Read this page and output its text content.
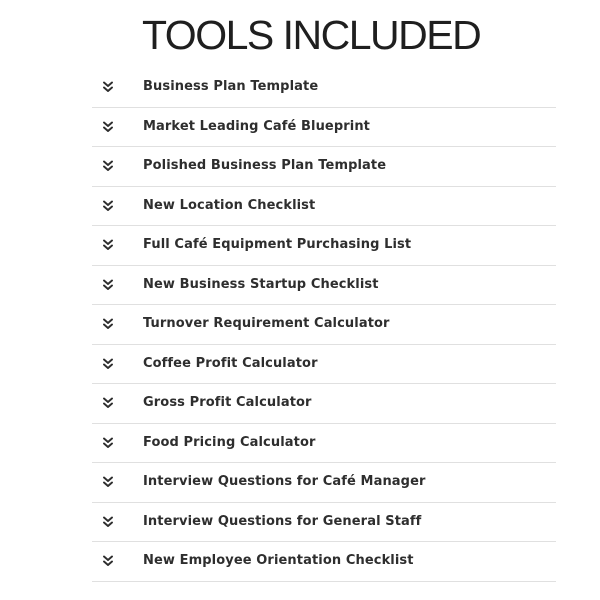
TOOLS INCLUDED
Business Plan Template
Market Leading Café Blueprint
Polished Business Plan Template
New Location Checklist
Full Café Equipment Purchasing List
New Business Startup Checklist
Turnover Requirement Calculator
Coffee Profit Calculator
Gross Profit Calculator
Food Pricing Calculator
Interview Questions for Café Manager
Interview Questions for General Staff
New Employee Orientation Checklist
